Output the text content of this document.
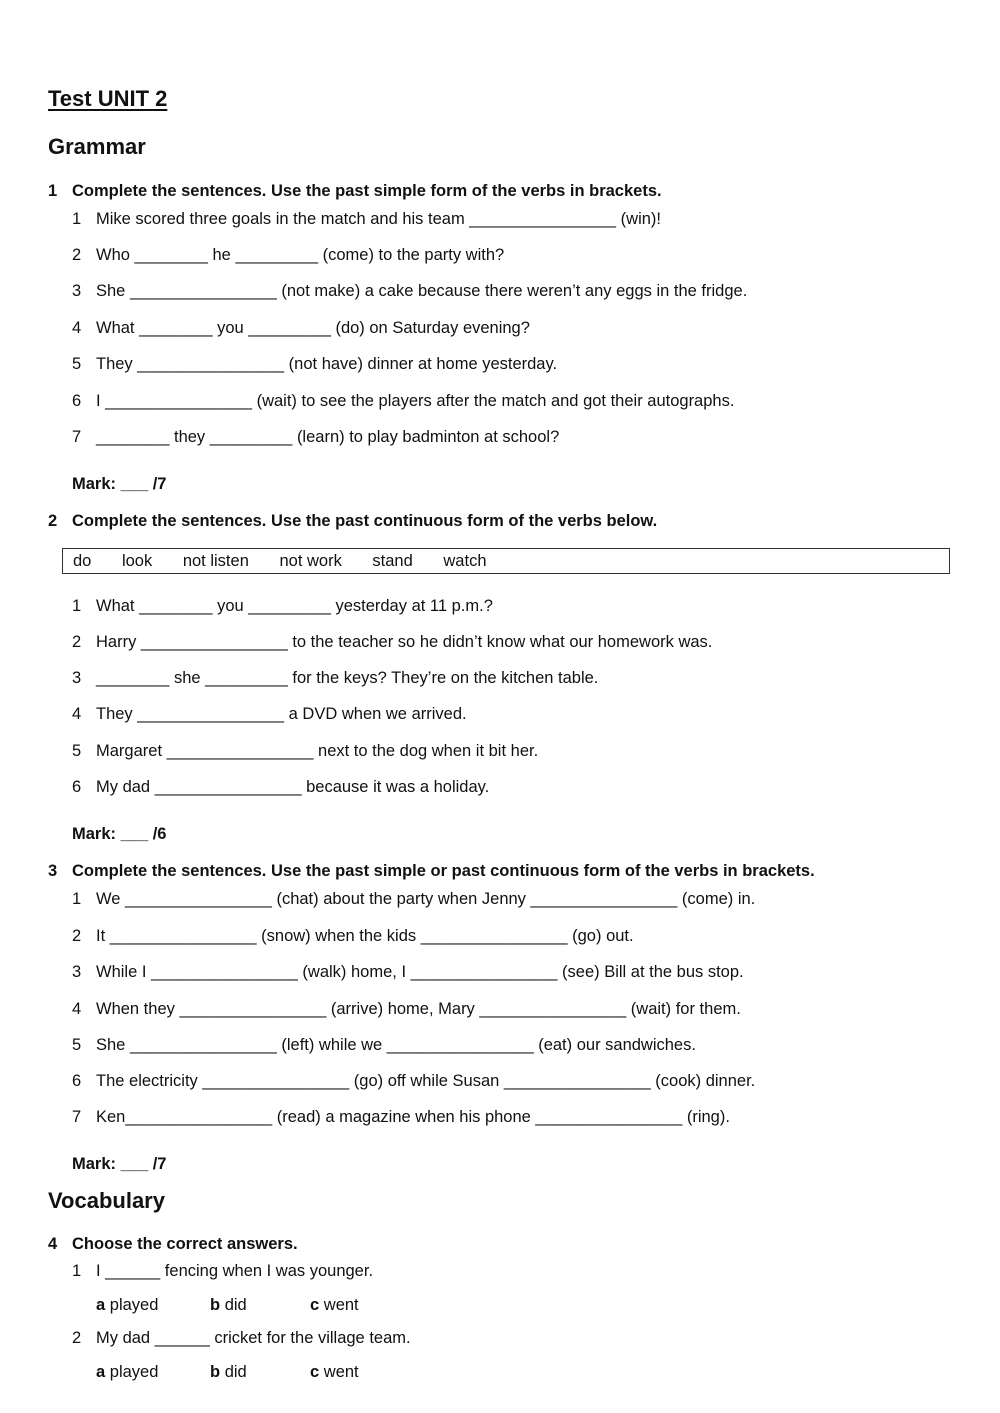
Test UNIT 2
Grammar
1 Complete the sentences. Use the past simple form of the verbs in brackets.
1 Mike scored three goals in the match and his team ________________ (win)!
2 Who ________ he _________ (come) to the party with?
3 She ________________ (not make) a cake because there weren’t any eggs in the fridge.
4 What ________ you _________ (do) on Saturday evening?
5 They ________________ (not have) dinner at home yesterday.
6 I ________________ (wait) to see the players after the match and got their autographs.
7 ________ they _________ (learn) to play badminton at school?
Mark: ___ /7
2 Complete the sentences. Use the past continuous form of the verbs below.
do look not listen not work stand watch
1 What ________ you _________ yesterday at 11 p.m.?
2 Harry ________________ to the teacher so he didn’t know what our homework was.
3 ________ she _________ for the keys? They’re on the kitchen table.
4 They ________________ a DVD when we arrived.
5 Margaret ________________ next to the dog when it bit her.
6 My dad ________________ because it was a holiday.
Mark: ___ /6
3 Complete the sentences. Use the past simple or past continuous form of the verbs in brackets.
1 We ________________ (chat) about the party when Jenny ________________ (come) in.
2 It ________________ (snow) when the kids ________________ (go) out.
3 While I ________________ (walk) home, I ________________ (see) Bill at the bus stop.
4 When they ________________ (arrive) home, Mary ________________ (wait) for them.
5 She ________________ (left) while we ________________ (eat) our sandwiches.
6 The electricity ________________ (go) off while Susan ________________ (cook) dinner.
7 Ken________________ (read) a magazine when his phone ________________ (ring).
Mark: ___ /7
Vocabulary
4 Choose the correct answers.
1 I ______ fencing when I was younger.
a played	b did	c went
2 My dad ______ cricket for the village team.
a played	b did	c went
